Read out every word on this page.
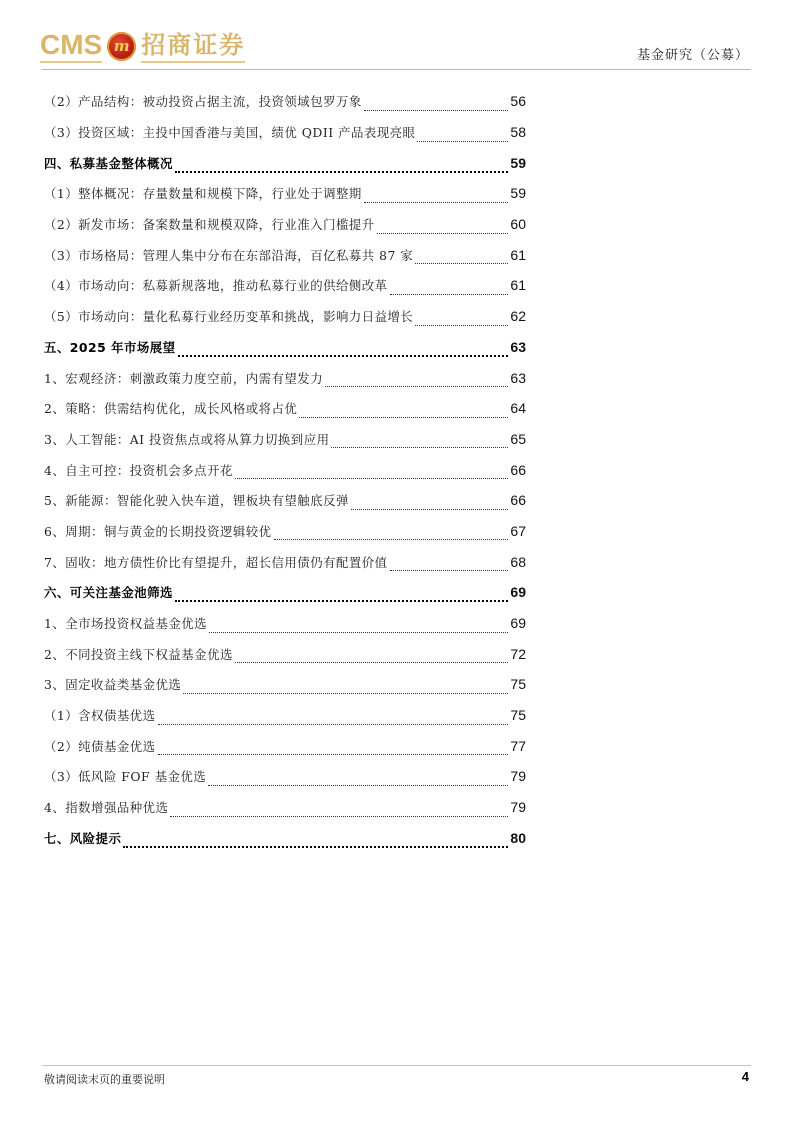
CMS m 招商证券	基金研究（公募）
（2）产品结构：被动投资占据主流，投资领域包罗万象	56
（3）投资区域：主投中国香港与美国，绩优 QDII 产品表现亮眼	58
四、私募基金整体概况	59
（1）整体概况：存量数量和规模下降，行业处于调整期	59
（2）新发市场：备案数量和规模双降，行业准入门槛提升	60
（3）市场格局：管理人集中分布在东部沿海，百亿私募共 87 家	61
（4）市场动向：私募新规落地，推动私募行业的供给侧改革	61
（5）市场动向：量化私募行业经历变革和挑战，影响力日益增长	62
五、2025 年市场展望	63
1、宏观经济：刺激政策力度空前，内需有望发力	63
2、策略：供需结构优化，成长风格或将占优	64
3、人工智能：AI 投资焦点或将从算力切换到应用	65
4、自主可控：投资机会多点开花	66
5、新能源：智能化驶入快车道，锂板块有望触底反弹	66
6、周期：铜与黄金的长期投资逻辑较优	67
7、固收：地方债性价比有望提升，超长信用债仍有配置价值	68
六、可关注基金池筛选	69
1、全市场投资权益基金优选	69
2、不同投资主线下权益基金优选	72
3、固定收益类基金优选	75
（1）含权债基优选	75
（2）纯债基金优选	77
（3）低风险 FOF 基金优选	79
4、指数增强品种优选	79
七、风险提示	80
敬请阅读末页的重要说明	4
